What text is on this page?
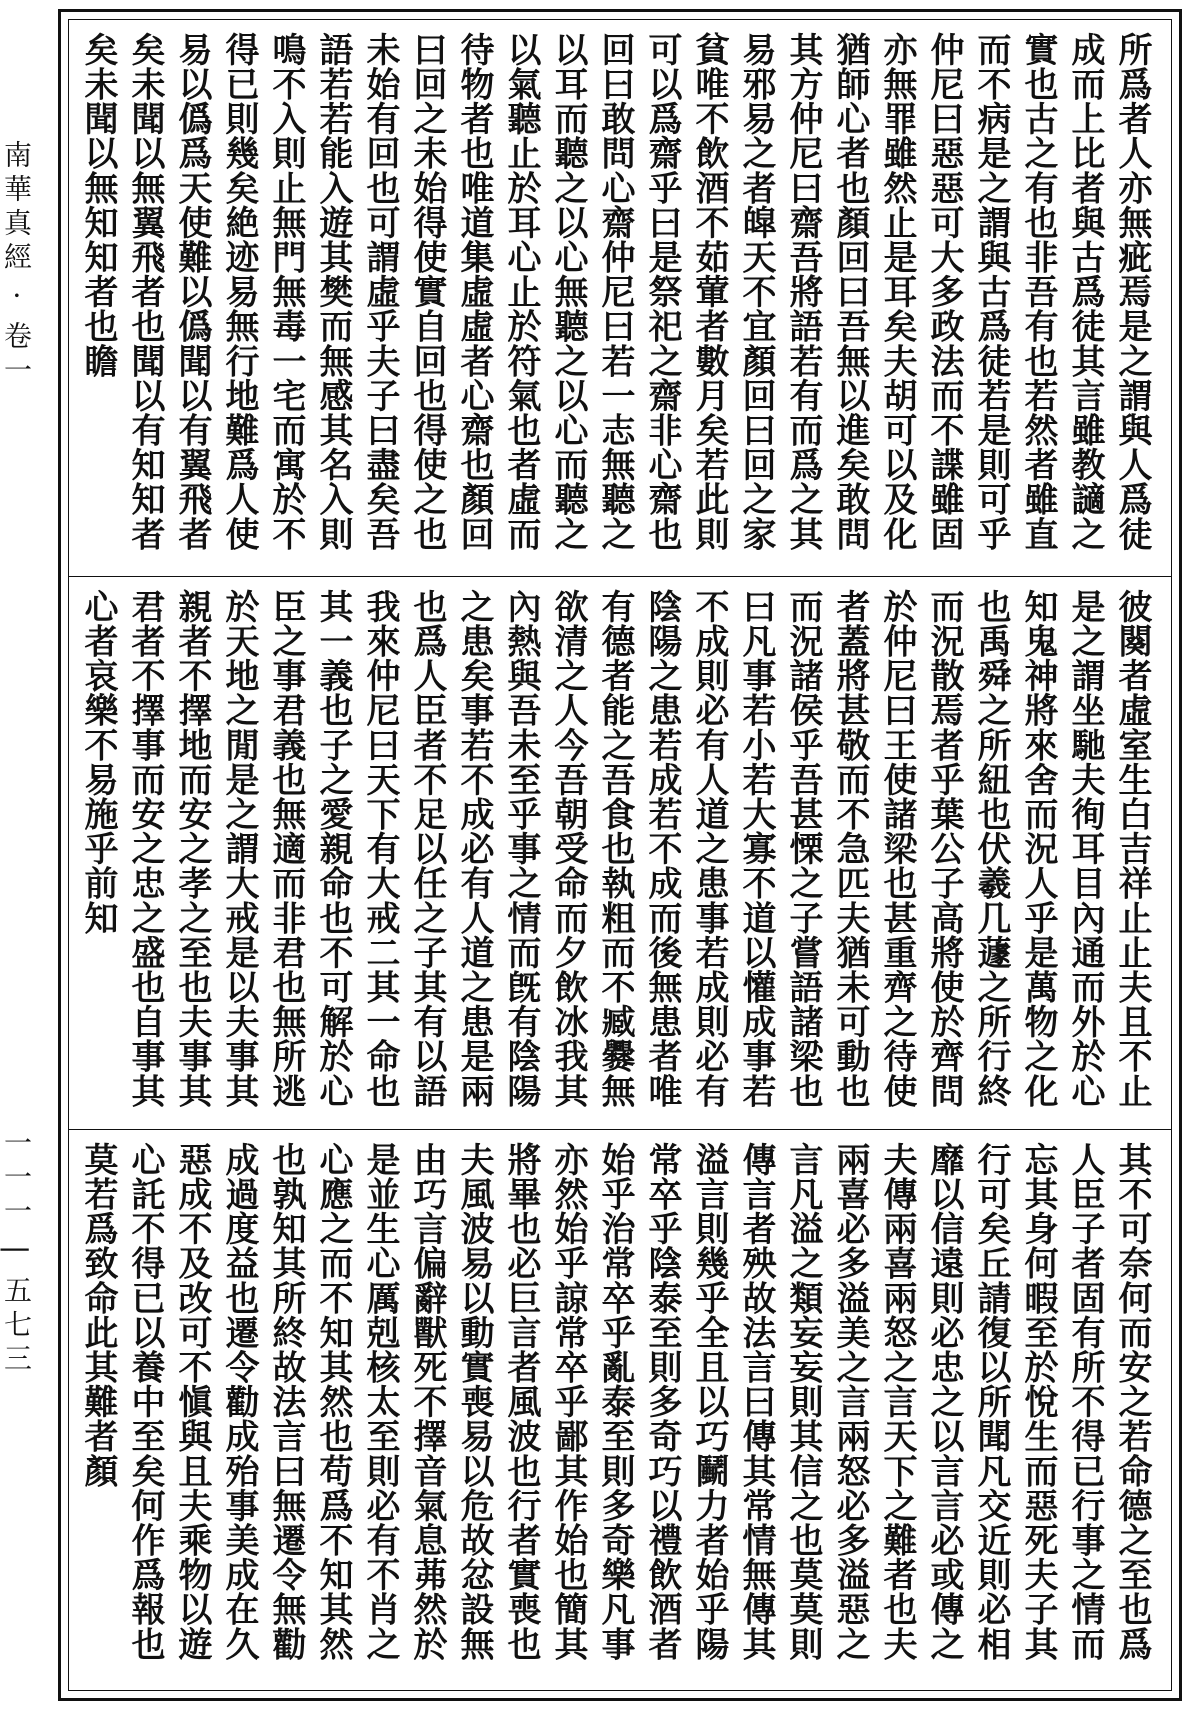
南華真經 · 卷一
一一一 | 五七三
所爲者人亦無疵焉是之謂與人爲徒成而上比者與古爲徒其言雖教讁之實也古之有也非吾有也若然者雖直而不病是之謂與古爲徒若是則可乎仲尼曰惡惡可大多政法而不諜雖固亦無罪雖然止是耳矣夫胡可以及化猶師心者也顏回曰吾無以進矣敢問其方仲尼曰齋吾將語若有而爲之其易邪易之者皡天不宜顏回曰回之家貧唯不飲酒不茹葷者數月矣若此則可以爲齋乎曰是祭祀之齋非心齋也回曰敢問心齋仲尼曰若一志無聽之以耳而聽之以心無聽之以心而聽之以氣聽止於耳心止於符氣也者虛而待物者也唯道集虛虛者心齋也顏回曰回之未始得使實自回也得使之也未始有回也可謂虛乎夫子曰盡矣吾語若若能入遊其樊而無感其名入則鳴不入則止無門無毒一宅而寓於不得已則幾矣絶迹易無行地難爲人使易以僞爲天使難以僞聞以有翼飛者矣未聞以無翼飛者也聞以有知知者矣未聞以無知知者也瞻
彼闋者虛室生白吉祥止止夫且不止是之謂坐馳夫徇耳目內通而外於心知鬼神將來舍而況人乎是萬物之化也禹舜之所紐也伏羲几蘧之所行終而況散焉者乎葉公子高將使於齊問於仲尼曰王使諸梁也甚重齊之待使者蓋將甚敬而不急匹夫猶未可動也而況諸侯乎吾甚慄之子嘗語諸梁也曰凡事若小若大寡不道以懽成事若不成則必有人道之患事若成則必有陰陽之患若成若不成而後無患者唯有德者能之吾食也執粗而不臧爨無欲清之人今吾朝受命而夕飲冰我其內熱與吾未至乎事之情而旣有陰陽之患矣事若不成必有人道之患是兩也爲人臣者不足以任之子其有以語我來仲尼曰天下有大戒二其一命也其一義也子之愛親命也不可解於心臣之事君義也無適而非君也無所逃於天地之閒是之謂大戒是以夫事其親者不擇地而安之孝之至也夫事其君者不擇事而安之忠之盛也自事其心者哀樂不易施乎前知
其不可奈何而安之若命德之至也爲人臣子者固有所不得已行事之情而忘其身何暇至於悅生而惡死夫子其行可矣丘請復以所聞凡交近則必相靡以信遠則必忠之以言言必或傳之夫傳兩喜兩怒之言天下之難者也夫兩喜必多溢美之言兩怒必多溢惡之言凡溢之類妄妄則其信之也莫莫則傳言者殃故法言曰傳其常情無傳其溢言則幾乎全且以巧鬭力者始乎陽常卒乎陰泰至則多奇巧以禮飲酒者始乎治常卒乎亂泰至則多奇樂凡事亦然始乎諒常卒乎鄙其作始也簡其將畢也必巨言者風波也行者實喪也夫風波易以動實喪易以危故忿設無由巧言偏辭獸死不擇音氣息茀然於是並生心厲剋核太至則必有不肖之心應之而不知其然也苟爲不知其然也孰知其所終故法言曰無遷令無勸成過度益也遷令勸成殆事美成在久惡成不及改可不愼與且夫乘物以遊心託不得已以養中至矣何作爲報也莫若爲致命此其難者顏
